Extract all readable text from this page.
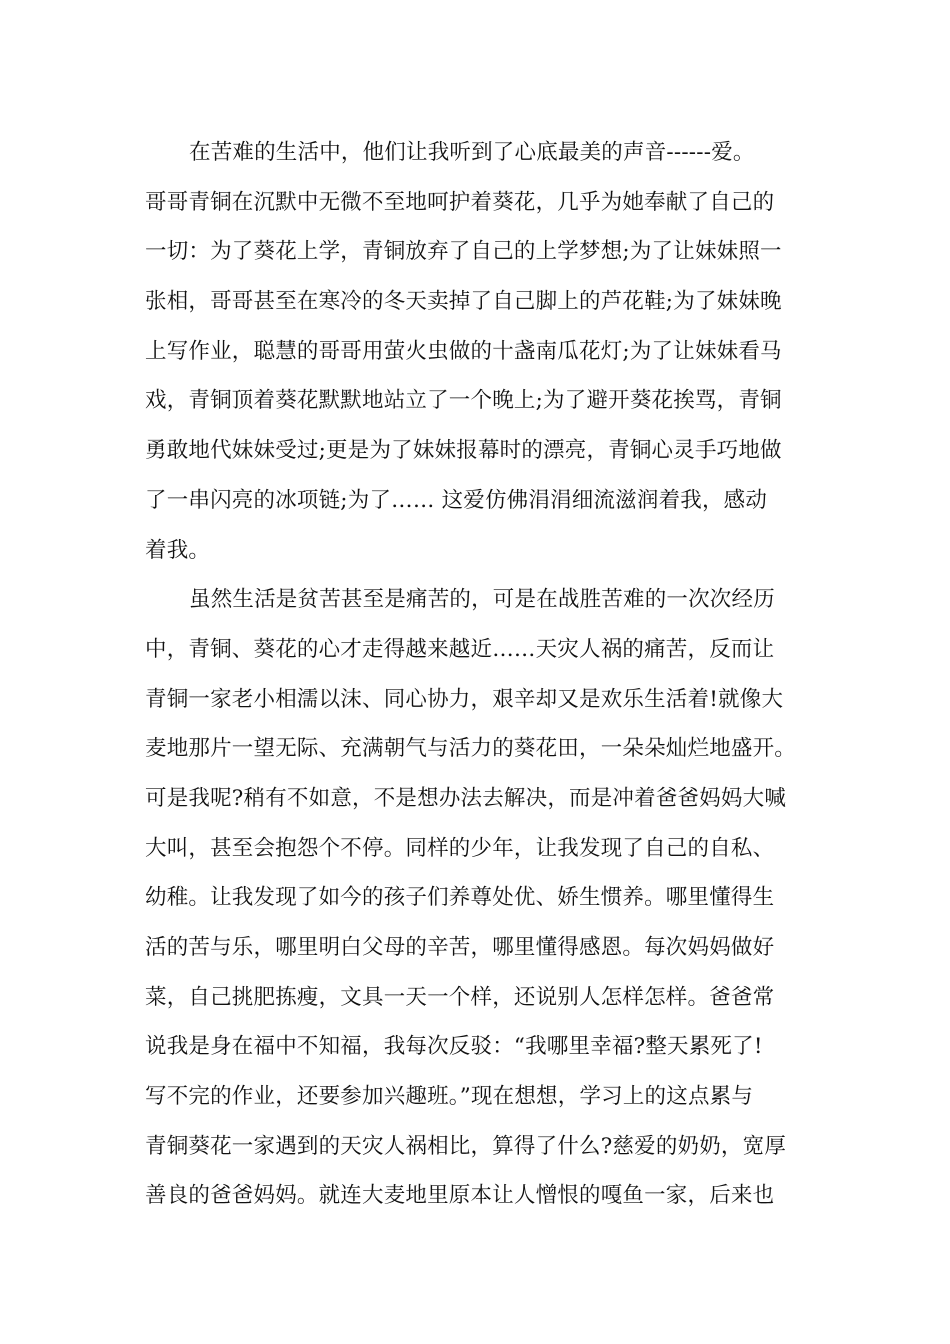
在苦难的生活中，他们让我听到了心底最美的声音------爱。
哥哥青铜在沉默中无微不至地呵护着葵花，几乎为她奉献了自己的
一切：为了葵花上学，青铜放弃了自己的上学梦想;为了让妹妹照一
张相，哥哥甚至在寒冷的冬天卖掉了自己脚上的芦花鞋;为了妹妹晚
上写作业，聪慧的哥哥用萤火虫做的十盏南瓜花灯;为了让妹妹看马
戏，青铜顶着葵花默默地站立了一个晚上;为了避开葵花挨骂，青铜
勇敢地代妹妹受过;更是为了妹妹报幕时的漂亮，青铜心灵手巧地做
了一串闪亮的冰项链;为了…… 这爱仿佛涓涓细流滋润着我，感动
着我。
虽然生活是贫苦甚至是痛苦的，可是在战胜苦难的一次次经历
中，青铜、葵花的心才走得越来越近……天灾人祸的痛苦，反而让
青铜一家老小相濡以沫、同心协力，艰辛却又是欢乐生活着!就像大
麦地那片一望无际、充满朝气与活力的葵花田，一朵朵灿烂地盛开。
可是我呢?稍有不如意，不是想办法去解决，而是冲着爸爸妈妈大喊
大叫，甚至会抱怨个不停。同样的少年，让我发现了自己的自私、
幼稚。让我发现了如今的孩子们养尊处优、娇生惯养。哪里懂得生
活的苦与乐，哪里明白父母的辛苦，哪里懂得感恩。每次妈妈做好
菜，自己挑肥拣瘦，文具一天一个样，还说别人怎样怎样。爸爸常
说我是身在福中不知福，我每次反驳：“我哪里幸福?整天累死了!
写不完的作业，还要参加兴趣班。”现在想想，学习上的这点累与
青铜葵花一家遇到的天灾人祸相比，算得了什么?慈爱的奶奶，宽厚
善良的爸爸妈妈。就连大麦地里原本让人憎恨的嘎鱼一家，后来也
